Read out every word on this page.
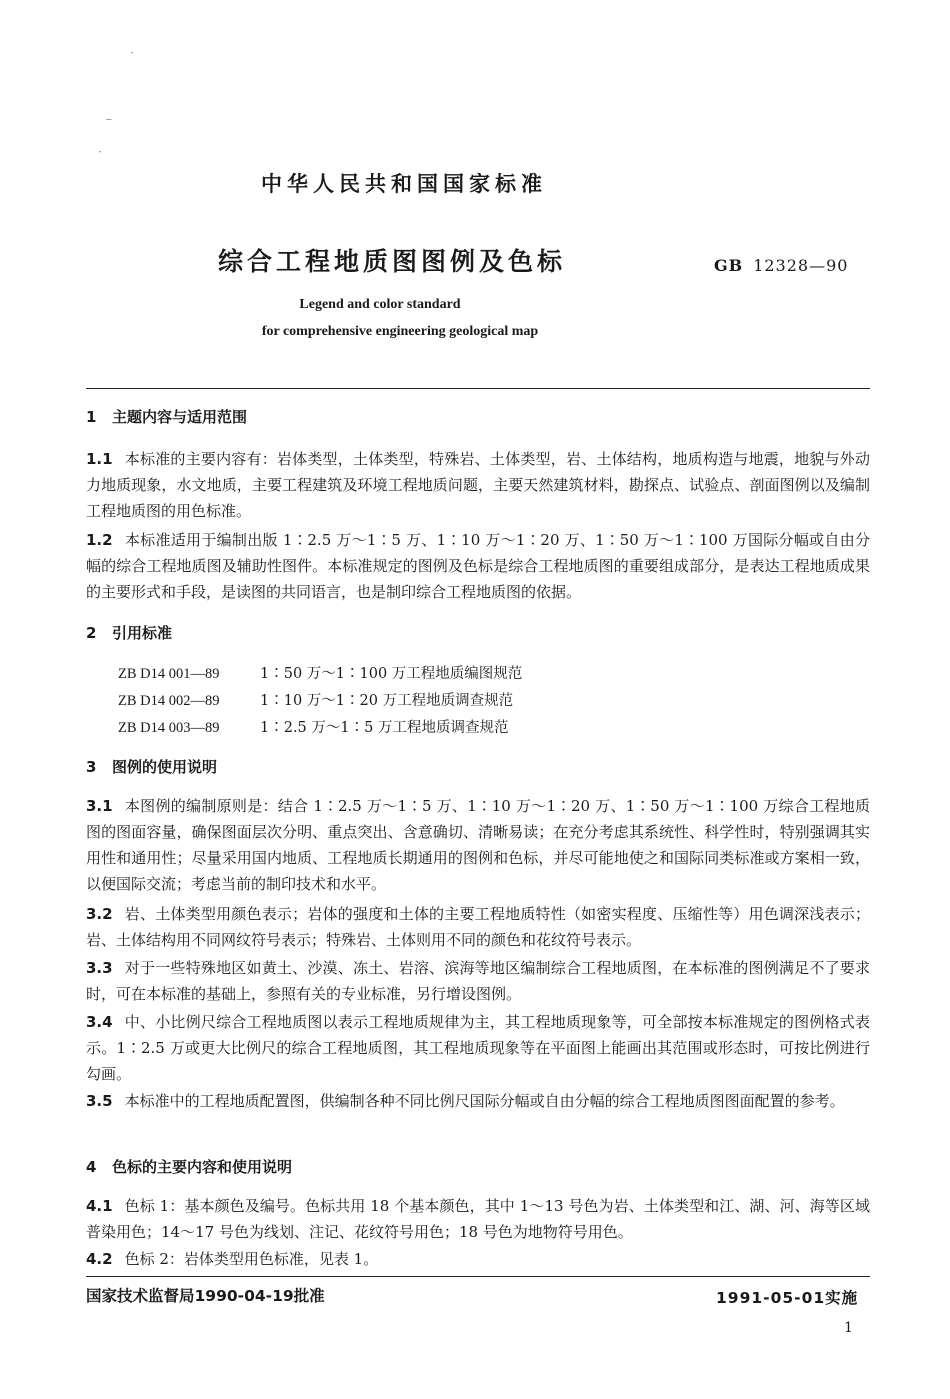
·
–
·
中华人民共和国国家标准
综合工程地质图图例及色标	GB 12328—90
Legend and color standard
for comprehensive engineering geological map
1 主题内容与适用范围
1.1 本标准的主要内容有：岩体类型，土体类型，特殊岩、土体类型，岩、土体结构，地质构造与地震，地貌与外动力地质现象，水文地质，主要工程建筑及环境工程地质问题，主要天然建筑材料，勘探点、试验点、剖面图例以及编制工程地质图的用色标准。
1.2 本标准适用于编制出版 1∶2.5 万～1∶5 万、1∶10 万～1∶20 万、1∶50 万～1∶100 万国际分幅或自由分幅的综合工程地质图及辅助性图件。本标准规定的图例及色标是综合工程地质图的重要组成部分，是表达工程地质成果的主要形式和手段，是读图的共同语言，也是制印综合工程地质图的依据。
2 引用标准
ZB D14 001—89	1∶50 万～1∶100 万工程地质编图规范
ZB D14 002—89	1∶10 万～1∶20 万工程地质调查规范
ZB D14 003—89	1∶2.5 万～1∶5 万工程地质调查规范
3 图例的使用说明
3.1 本图例的编制原则是：结合 1∶2.5 万～1∶5 万、1∶10 万～1∶20 万、1∶50 万～1∶100 万综合工程地质图的图面容量，确保图面层次分明、重点突出、含意确切、清晰易读；在充分考虑其系统性、科学性时，特别强调其实用性和通用性；尽量采用国内地质、工程地质长期通用的图例和色标，并尽可能地使之和国际同类标准或方案相一致，以便国际交流；考虑当前的制印技术和水平。
3.2 岩、土体类型用颜色表示；岩体的强度和土体的主要工程地质特性（如密实程度、压缩性等）用色调深浅表示；岩、土体结构用不同网纹符号表示；特殊岩、土体则用不同的颜色和花纹符号表示。
3.3 对于一些特殊地区如黄土、沙漠、冻土、岩溶、滨海等地区编制综合工程地质图，在本标准的图例满足不了要求时，可在本标准的基础上，参照有关的专业标准，另行增设图例。
3.4 中、小比例尺综合工程地质图以表示工程地质规律为主，其工程地质现象等，可全部按本标准规定的图例格式表示。1∶2.5 万或更大比例尺的综合工程地质图，其工程地质现象等在平面图上能画出其范围或形态时，可按比例进行勾画。
3.5 本标准中的工程地质配置图，供编制各种不同比例尺国际分幅或自由分幅的综合工程地质图图面配置的参考。
4 色标的主要内容和使用说明
4.1 色标 1：基本颜色及编号。色标共用 18 个基本颜色，其中 1～13 号色为岩、土体类型和江、湖、河、海等区域普染用色；14～17 号色为线划、注记、花纹符号用色；18 号色为地物符号用色。
4.2 色标 2：岩体类型用色标准，见表 1。
国家技术监督局1990-04-19批准	1991-05-01实施
1
